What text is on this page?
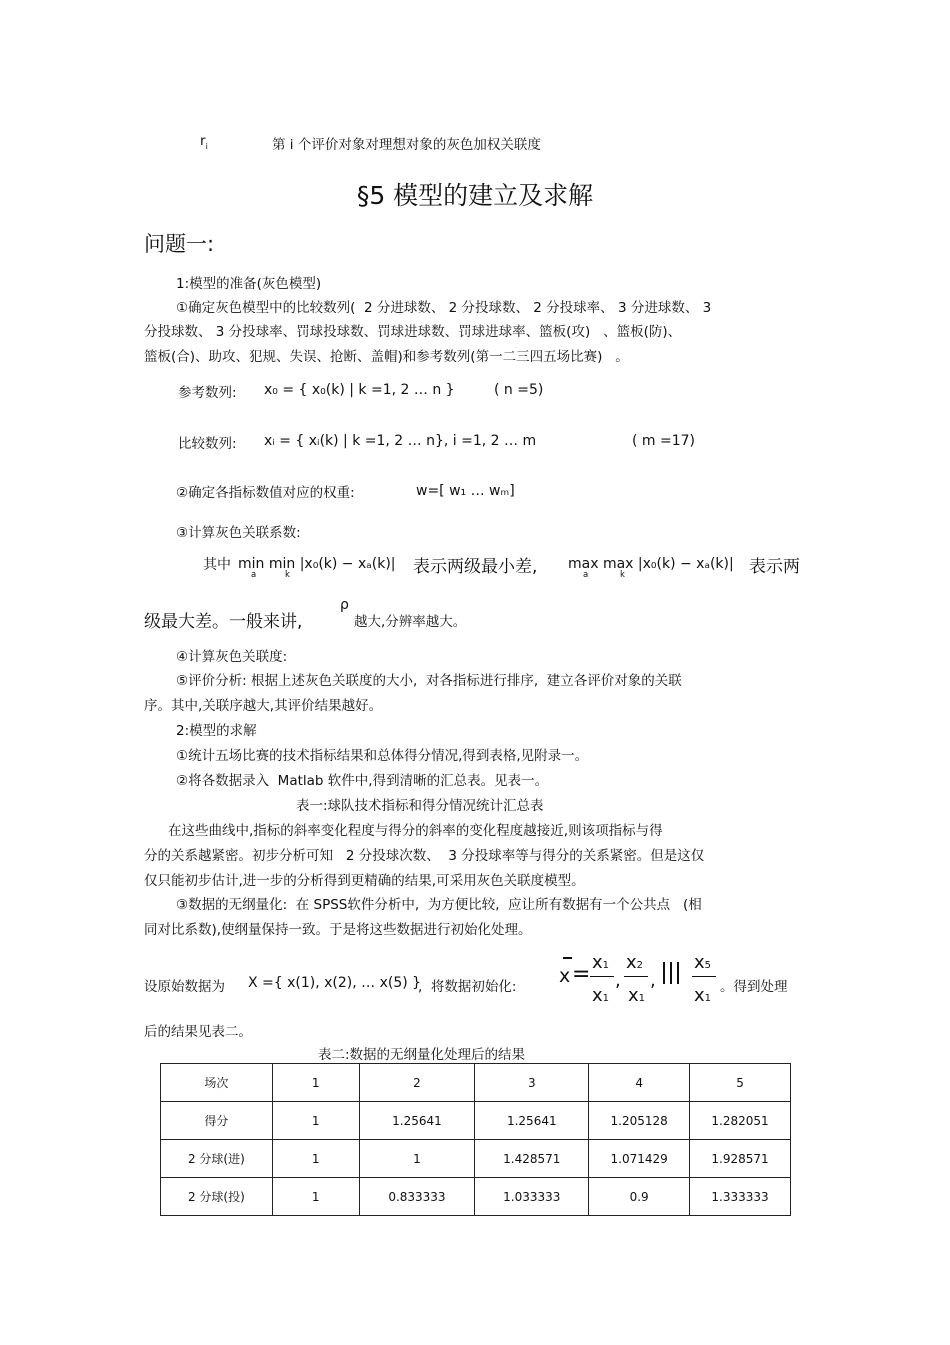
$r_i$	第 i 个评价对象对理想对象的灰色加权关联度
§5 模型的建立及求解
问题一:
1:模型的准备(灰色模型)
①确定灰色模型中的比较数列(  2 分进球数、 2 分投球数、 2 分投球率、 3 分进球数、 3
分投球数、 3 分投球率、罚球投球数、罚球进球数、罚球进球率、篮板(攻)   、篮板(防)、
篮板(合)、助攻、犯规、失误、抢断、盖帽)和参考数列(第一二三四五场比赛)   。
参考数列: x₀ = { x₀(k) | k =1, 2 … n }	( n =5)
比较数列: xᵢ = { xᵢ(k) | k =1, 2 … n}, i =1, 2 … m	( m =17)
②确定各指标数值对应的权重:	w=[ w₁ … wₘ]
③计算灰色关联系数:
其中 min min |x₀(k) − xₐ(k)|
a	k	表示两级最小差, max max |x₀(k) − xₐ(k)|
a	k	表示两
级最大差。一般来讲,
ρ
越大,分辨率越大。
④计算灰色关联度:
⑤评价分析: 根据上述灰色关联度的大小,  对各指标进行排序,  建立各评价对象的关联
序。其中,关联序越大,其评价结果越好。
2:模型的求解
①统计五场比赛的技术指标结果和总体得分情况,得到表格,见附录一。
②将各数据录入  Matlab 软件中,得到清晰的汇总表。见表一。
表一:球队技术指标和得分情况统计汇总表
在这些曲线中,指标的斜率变化程度与得分的斜率的变化程度越接近,则该项指标与得
分的关系越紧密。初步分析可知   2 分投球次数、  3 分投球率等与得分的关系紧密。但是这仅
仅只能初步估计,进一步的分析得到更精确的结果,可采用灰色关联度模型。
③数据的无纲量化:  在 SPSS软件分析中,  为方便比较,  应让所有数据有一个公共点   (相
同对比系数),使纲量保持一致。于是将这些数据进行初始化处理。
设原始数据为 X ={ x(1), x(2), … x(5) }
,  将数据初始化: x = x1
x1
,
x2
x1
,
x5
x1
。得到处理
后的结果见表二。
表二:数据的无纲量化处理后的结果
场次	1	2	3	4	5
得分	1	1.25641	1.25641	1.205128	1.282051
2 分球(进)	1	1	1.428571	1.071429	1.928571
2 分球(投)	1	0.833333	1.033333	0.9	1.333333
